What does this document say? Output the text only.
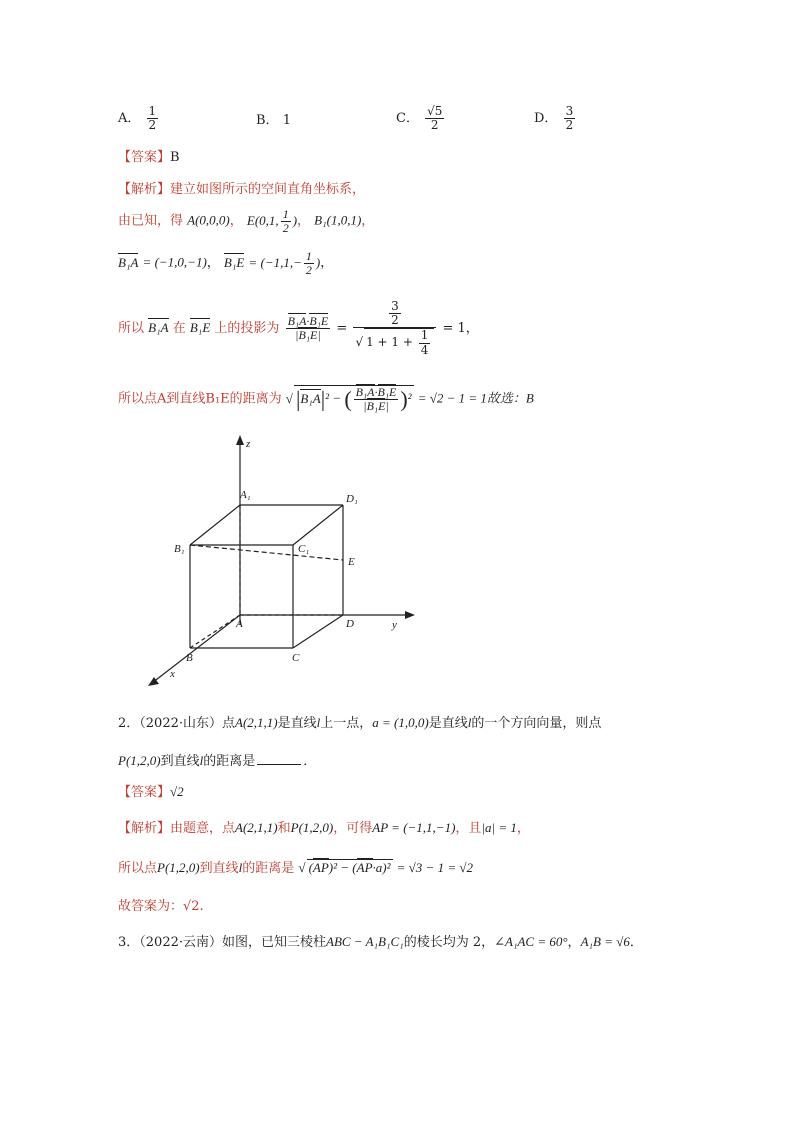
A． $\frac{1}{2}$	B． 1	C． $\frac{√5}{2}$	D． $\frac{3}{2}$
【答案】B
【解析】建立如图所示的空间直角坐标系，
由已知，得 A(0,0,0)， E(0,1, $\frac{1}{2}$ )， B₁(1,0,1)，
B₁A = (−1,0,−1)， $B_1E = (-1,1,- \frac{1}{2}$ )，
所以 B₁A 在 B₁E 上的投影为 $\frac{\text{B₁A·B₁E}}{\text{|B₁E|}} = \frac{\frac{3}{2}}{√ 1 + 1 + \frac{1}{4}} = 1$，
所以点A到直线B₁E的距离为 √ |B₁A|² − ( $\frac{\text{B₁A·B₁E}}{\text{|B₁E|}} )^2 = √2 - 1 = 1$故选：B
z
y
x
A₁	D₁
B₁	C₁
E
A	D
B	C
2．（2022·山东）点A(2,1,1)是直线l上一点，a = (1,0,0)是直线l的一个方向向量，则点
P(1,2,0)到直线l的距离是	．
【答案】√2
【解析】由题意，点A(2,1,1)和P(1,2,0)，可得AP = (−1,1,−1)，且|a| = 1，
所以点P(1,2,0)到直线l的距离是 √ (AP)² − (AP·a)² = √3 − 1 = √2
故答案为：√2.
3．（2022·云南）如图，已知三棱柱ABC − A₁B₁C₁的棱长均为 2，∠A₁AC = 60°，A₁B = √6．
